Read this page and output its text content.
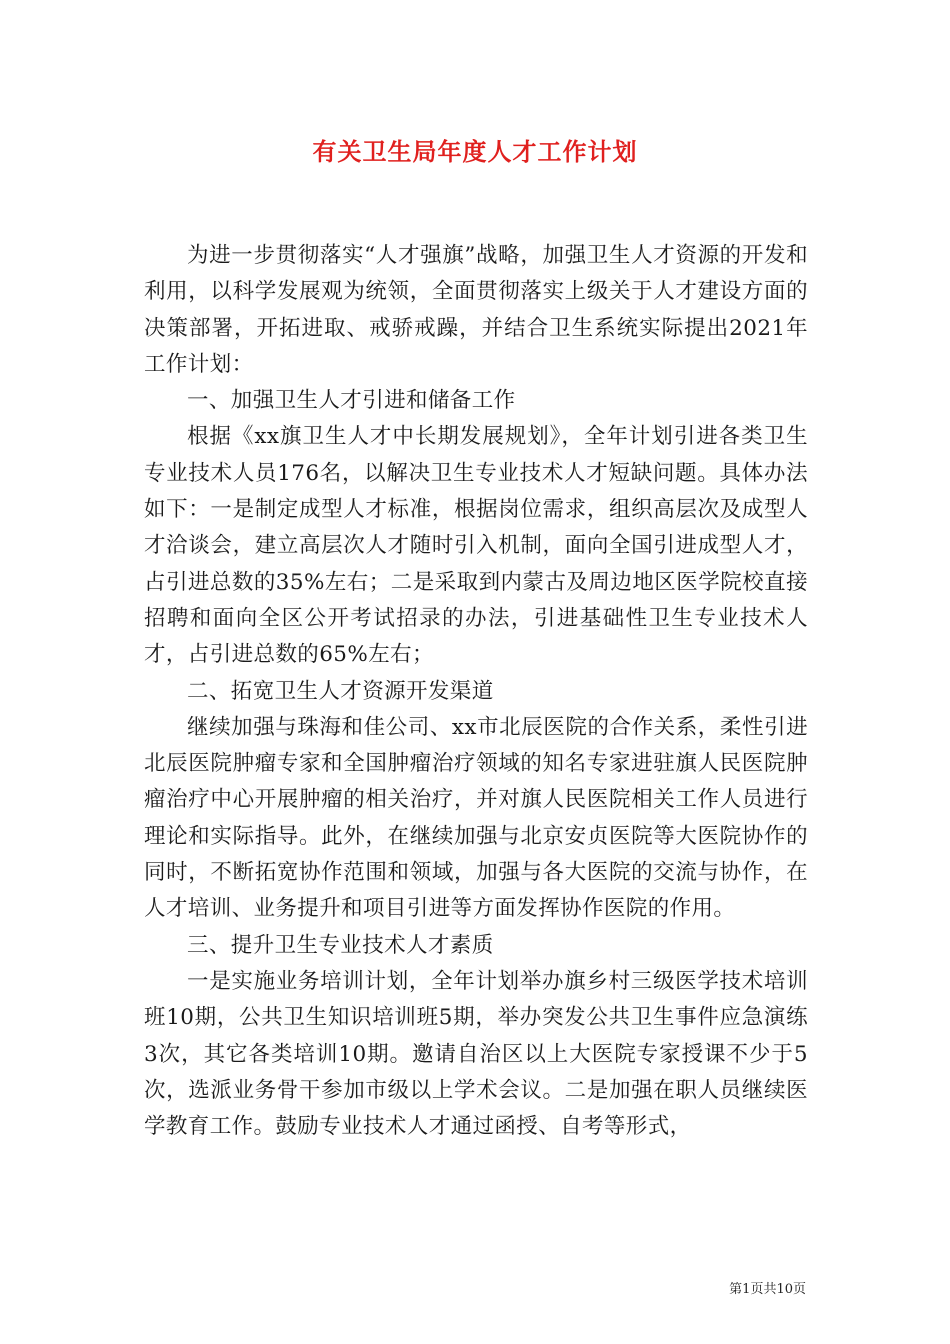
有关卫生局年度人才工作计划

为进一步贯彻落实“人才强旗”战略，加强卫生人才资源的开发和利用，以科学发展观为统领，全面贯彻落实上级关于人才建设方面的决策部署，开拓进取、戒骄戒躁，并结合卫生系统实际提出2021年工作计划：

一、加强卫生人才引进和储备工作

根据《xx旗卫生人才中长期发展规划》，全年计划引进各类卫生专业技术人员176名，以解决卫生专业技术人才短缺问题。具体办法如下：一是制定成型人才标准，根据岗位需求，组织高层次及成型人才洽谈会，建立高层次人才随时引入机制，面向全国引进成型人才，占引进总数的35%左右；二是采取到内蒙古及周边地区医学院校直接招聘和面向全区公开考试招录的办法，引进基础性卫生专业技术人才，占引进总数的65%左右；

二、拓宽卫生人才资源开发渠道

继续加强与珠海和佳公司、xx市北辰医院的合作关系，柔性引进北辰医院肿瘤专家和全国肿瘤治疗领域的知名专家进驻旗人民医院肿瘤治疗中心开展肿瘤的相关治疗，并对旗人民医院相关工作人员进行理论和实际指导。此外，在继续加强与北京安贞医院等大医院协作的同时，不断拓宽协作范围和领域，加强与各大医院的交流与协作，在人才培训、业务提升和项目引进等方面发挥协作医院的作用。

三、提升卫生专业技术人才素质

一是实施业务培训计划，全年计划举办旗乡村三级医学技术培训班10期，公共卫生知识培训班5期，举办突发公共卫生事件应急演练3次，其它各类培训10期。邀请自治区以上大医院专家授课不少于5次，选派业务骨干参加市级以上学术会议。二是加强在职人员继续医学教育工作。鼓励专业技术人才通过函授、自考等形式，

第1页共10页
